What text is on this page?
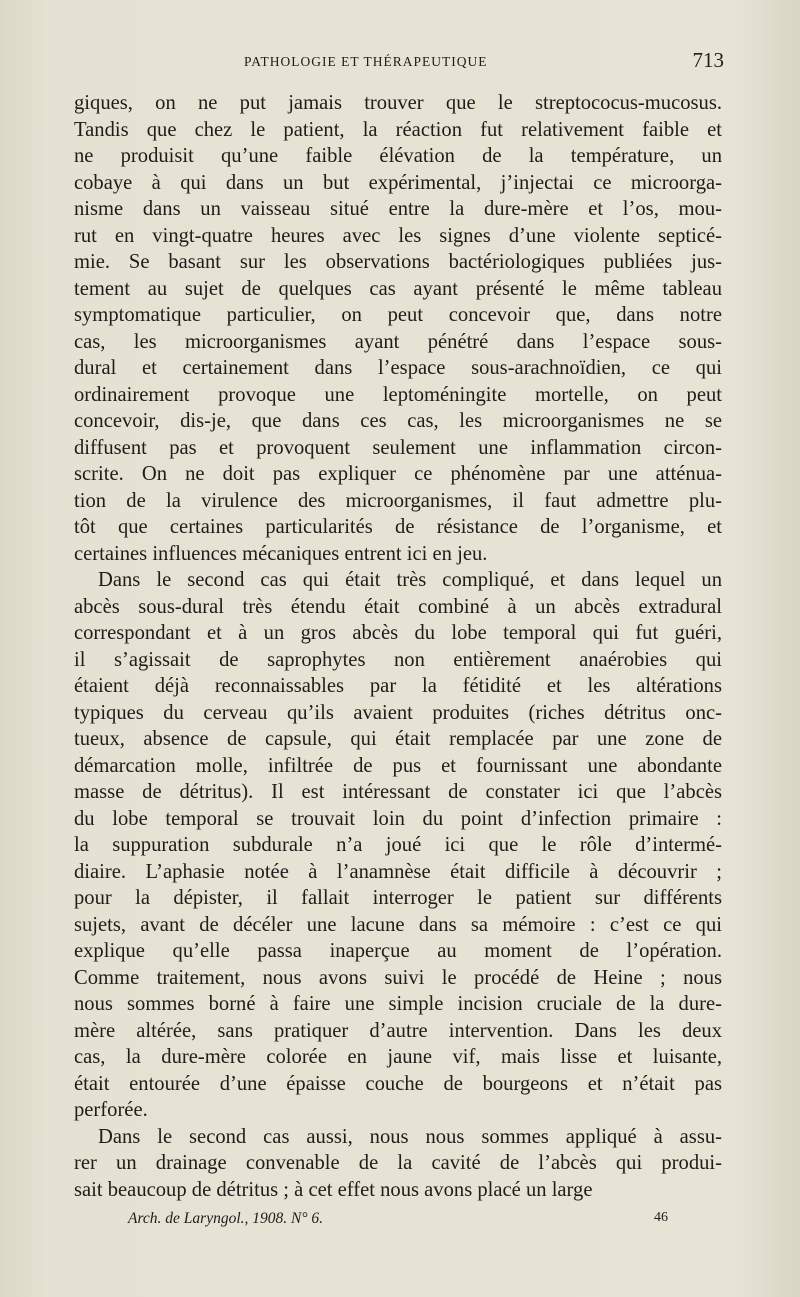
PATHOLOGIE ET THÉRAPEUTIQUE	713
giques, on ne put jamais trouver que le streptococus-mucosus.
Tandis que chez le patient, la réaction fut relativement faible et
ne produisit qu’une faible élévation de la température, un
cobaye à qui dans un but expérimental, j’injectai ce microorga-
nisme dans un vaisseau situé entre la dure-mère et l’os, mou-
rut en vingt-quatre heures avec les signes d’une violente septicé-
mie. Se basant sur les observations bactériologiques publiées jus-
tement au sujet de quelques cas ayant présenté le même tableau
symptomatique particulier, on peut concevoir que, dans notre
cas, les microorganismes ayant pénétré dans l’espace sous-
dural et certainement dans l’espace sous-arachnoïdien, ce qui
ordinairement provoque une leptoméningite mortelle, on peut
concevoir, dis-je, que dans ces cas, les microorganismes ne se
diffusent pas et provoquent seulement une inflammation circon-
scrite. On ne doit pas expliquer ce phénomène par une atténua-
tion de la virulence des microorganismes, il faut admettre plu-
tôt que certaines particularités de résistance de l’organisme, et
certaines influences mécaniques entrent ici en jeu.
Dans le second cas qui était très compliqué, et dans lequel un
abcès sous-dural très étendu était combiné à un abcès extradural
correspondant et à un gros abcès du lobe temporal qui fut guéri,
il s’agissait de saprophytes non entièrement anaérobies qui
étaient déjà reconnaissables par la fétidité et les altérations
typiques du cerveau qu’ils avaient produites (riches détritus onc-
tueux, absence de capsule, qui était remplacée par une zone de
démarcation molle, infiltrée de pus et fournissant une abondante
masse de détritus). Il est intéressant de constater ici que l’abcès
du lobe temporal se trouvait loin du point d’infection primaire :
la suppuration subdurale n’a joué ici que le rôle d’intermé-
diaire. L’aphasie notée à l’anamnèse était difficile à découvrir ;
pour la dépister, il fallait interroger le patient sur différents
sujets, avant de décéler une lacune dans sa mémoire : c’est ce qui
explique qu’elle passa inaperçue au moment de l’opération.
Comme traitement, nous avons suivi le procédé de Heine ; nous
nous sommes borné à faire une simple incision cruciale de la dure-
mère altérée, sans pratiquer d’autre intervention. Dans les deux
cas, la dure-mère colorée en jaune vif, mais lisse et luisante,
était entourée d’une épaisse couche de bourgeons et n’était pas
perforée.
Dans le second cas aussi, nous nous sommes appliqué à assu-
rer un drainage convenable de la cavité de l’abcès qui produi-
sait beaucoup de détritus ; à cet effet nous avons placé un large
Arch. de Laryngol., 1908. N° 6.	46
